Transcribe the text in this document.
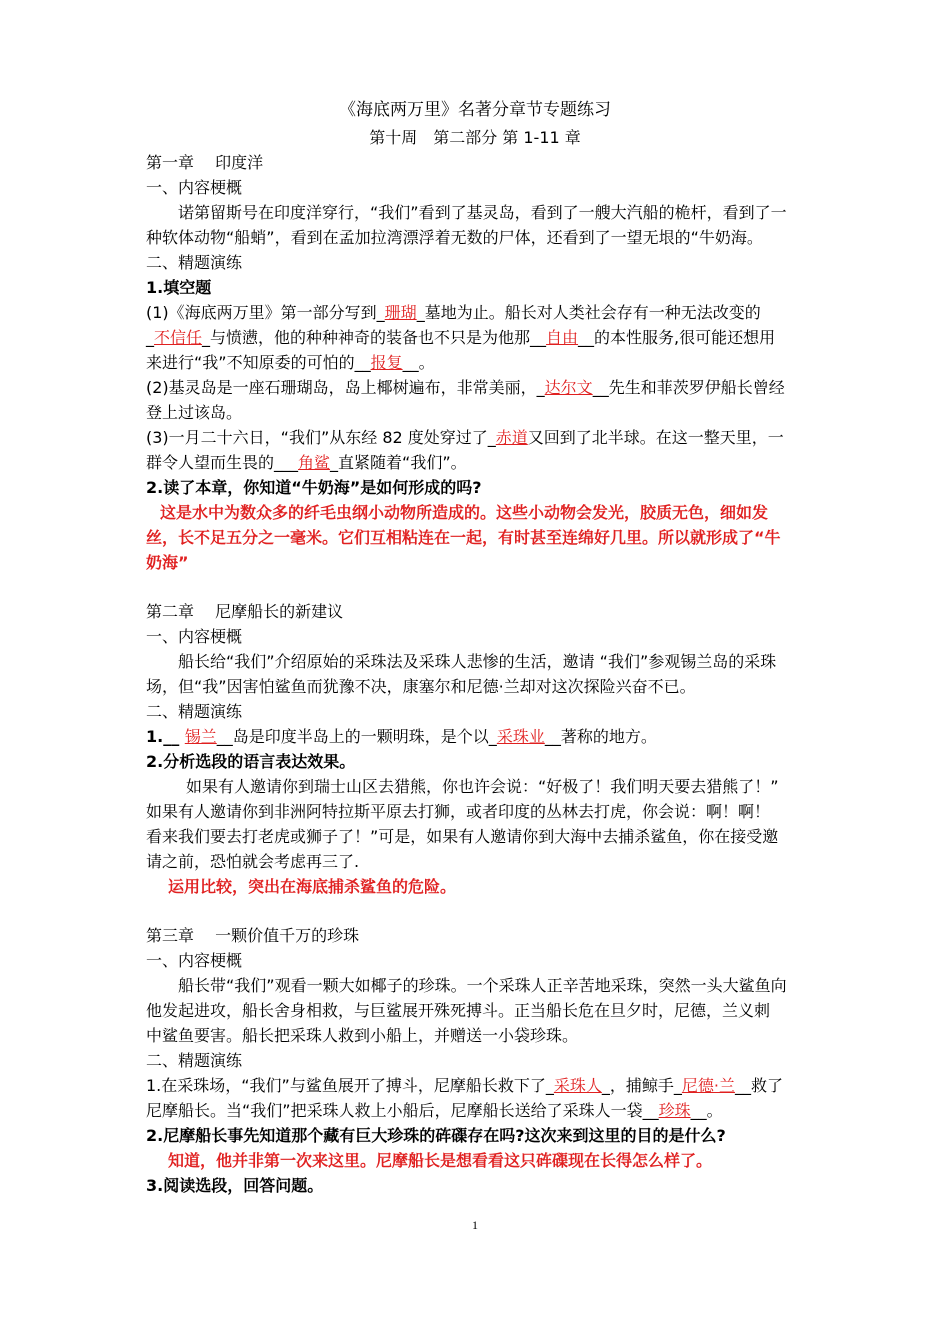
《海底两万里》名著分章节专题练习
第十周　第二部分 第 1-11 章
第一章　 印度洋
一、内容梗概
诺第留斯号在印度洋穿行，“我们”看到了基灵岛，看到了一艘大汽船的桅杆，看到了一
种软体动物“船蛸”，看到在孟加拉湾漂浮着无数的尸体，还看到了一望无垠的“牛奶海。
二、精题演练
1.填空题
(1)《海底两万里》第一部分写到_珊瑚_墓地为止。船长对人类社会存有一种无法改变的
_不信任_与愤懑，他的种种神奇的装备也不只是为他那__自由__的本性服务,很可能还想用
来进行“我”不知原委的可怕的__报复__。
(2)基灵岛是一座石珊瑚岛，岛上椰树遍布，非常美丽，_达尔文__先生和菲茨罗伊船长曾经
登上过该岛。
(3)一月二十六日，“我们”从东经 82 度处穿过了_赤道又回到了北半球。在这一整天里，一
群令人望而生畏的___角鲨_直紧随着“我们”。
2.读了本章，你知道“牛奶海”是如何形成的吗?
这是水中为数众多的纤毛虫纲小动物所造成的。这些小动物会发光，胶质无色，细如发
丝，长不足五分之一毫米。它们互相粘连在一起，有时甚至连绵好几里。所以就形成了“牛
奶海”
第二章　 尼摩船长的新建议
一、内容梗概
船长给“我们”介绍原始的采珠法及采珠人悲惨的生活，邀请 “我们”参观锡兰岛的采珠
场，但“我”因害怕鲨鱼而犹豫不决，康塞尔和尼德·兰却对这次探险兴奋不已。
二、精题演练
1.__ 锡兰__岛是印度半岛上的一颗明珠，是个以_采珠业__著称的地方。
2.分析选段的语言表达效果。
如果有人邀请你到瑞士山区去猎熊，你也许会说：“好极了！我们明天要去猎熊了！”
如果有人邀请你到非洲阿特拉斯平原去打狮，或者印度的丛林去打虎，你会说：啊！啊！
看来我们要去打老虎或狮子了！”可是，如果有人邀请你到大海中去捕杀鲨鱼，你在接受邀
请之前，恐怕就会考虑再三了.
运用比较，突出在海底捕杀鲨鱼的危险。
第三章　 一颗价值千万的珍珠
一、内容梗概
船长带“我们”观看一颗大如椰子的珍珠。一个采珠人正辛苦地采珠，突然一头大鲨鱼向
他发起进攻，船长舍身相救，与巨鲨展开殊死搏斗。正当船长危在旦夕时，尼德，兰义刺
中鲨鱼要害。船长把采珠人救到小船上，并赠送一小袋珍珠。
二、精题演练
1.在采珠场，“我们”与鲨鱼展开了搏斗，尼摩船长救下了_采珠人_，捕鲸手_尼德·兰__救了
尼摩船长。当“我们”把采珠人救上小船后，尼摩船长送给了采珠人一袋__珍珠__。
2.尼摩船长事先知道那个藏有巨大珍珠的砗磲存在吗?这次来到这里的目的是什么?
知道，他并非第一次来这里。尼摩船长是想看看这只砗磲现在长得怎么样了。
3.阅读选段，回答问题。
1
